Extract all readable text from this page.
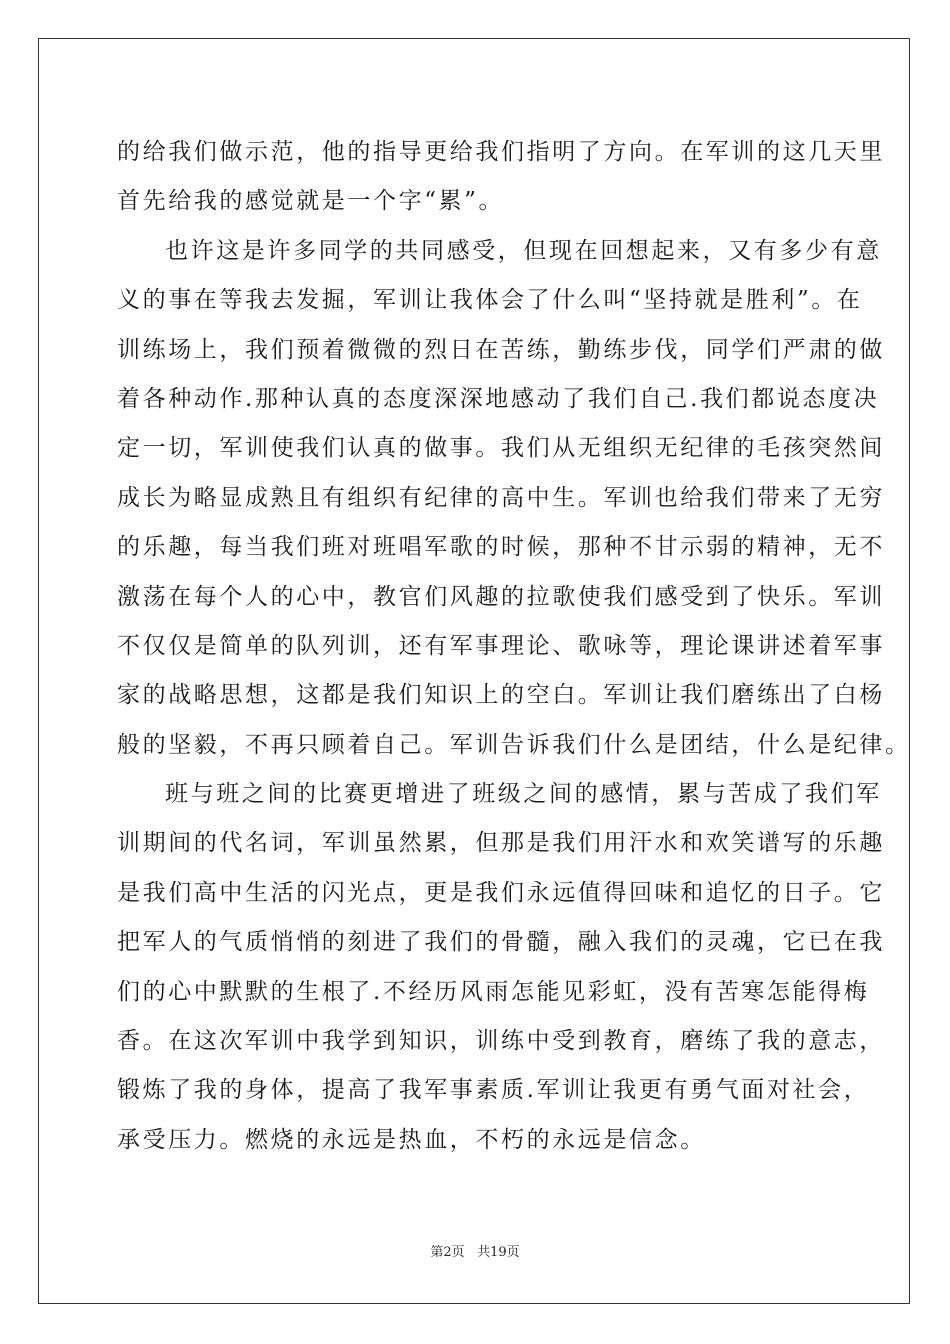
的给我们做示范，他的指导更给我们指明了方向。在军训的这几天里
首先给我的感觉就是一个字“累”。
也许这是许多同学的共同感受，但现在回想起来，又有多少有意
义的事在等我去发掘，军训让我体会了什么叫“坚持就是胜利”。在
训练场上，我们预着微微的烈日在苦练，勤练步伐，同学们严肃的做
着各种动作.那种认真的态度深深地感动了我们自己.我们都说态度决
定一切，军训使我们认真的做事。我们从无组织无纪律的毛孩突然间
成长为略显成熟且有组织有纪律的高中生。军训也给我们带来了无穷
的乐趣，每当我们班对班唱军歌的时候，那种不甘示弱的精神，无不
激荡在每个人的心中，教官们风趣的拉歌使我们感受到了快乐。军训
不仅仅是简单的队列训，还有军事理论、歌咏等，理论课讲述着军事
家的战略思想，这都是我们知识上的空白。军训让我们磨练出了白杨
般的坚毅，不再只顾着自己。军训告诉我们什么是团结，什么是纪律。
班与班之间的比赛更增进了班级之间的感情，累与苦成了我们军
训期间的代名词，军训虽然累，但那是我们用汗水和欢笑谱写的乐趣
是我们高中生活的闪光点，更是我们永远值得回味和追忆的日子。它
把军人的气质悄悄的刻进了我们的骨髓，融入我们的灵魂，它已在我
们的心中默默的生根了.不经历风雨怎能见彩虹，没有苦寒怎能得梅
香。在这次军训中我学到知识，训练中受到教育，磨练了我的意志，
锻炼了我的身体，提高了我军事素质.军训让我更有勇气面对社会，
承受压力。燃烧的永远是热血，不朽的永远是信念。
第2页 共19页
